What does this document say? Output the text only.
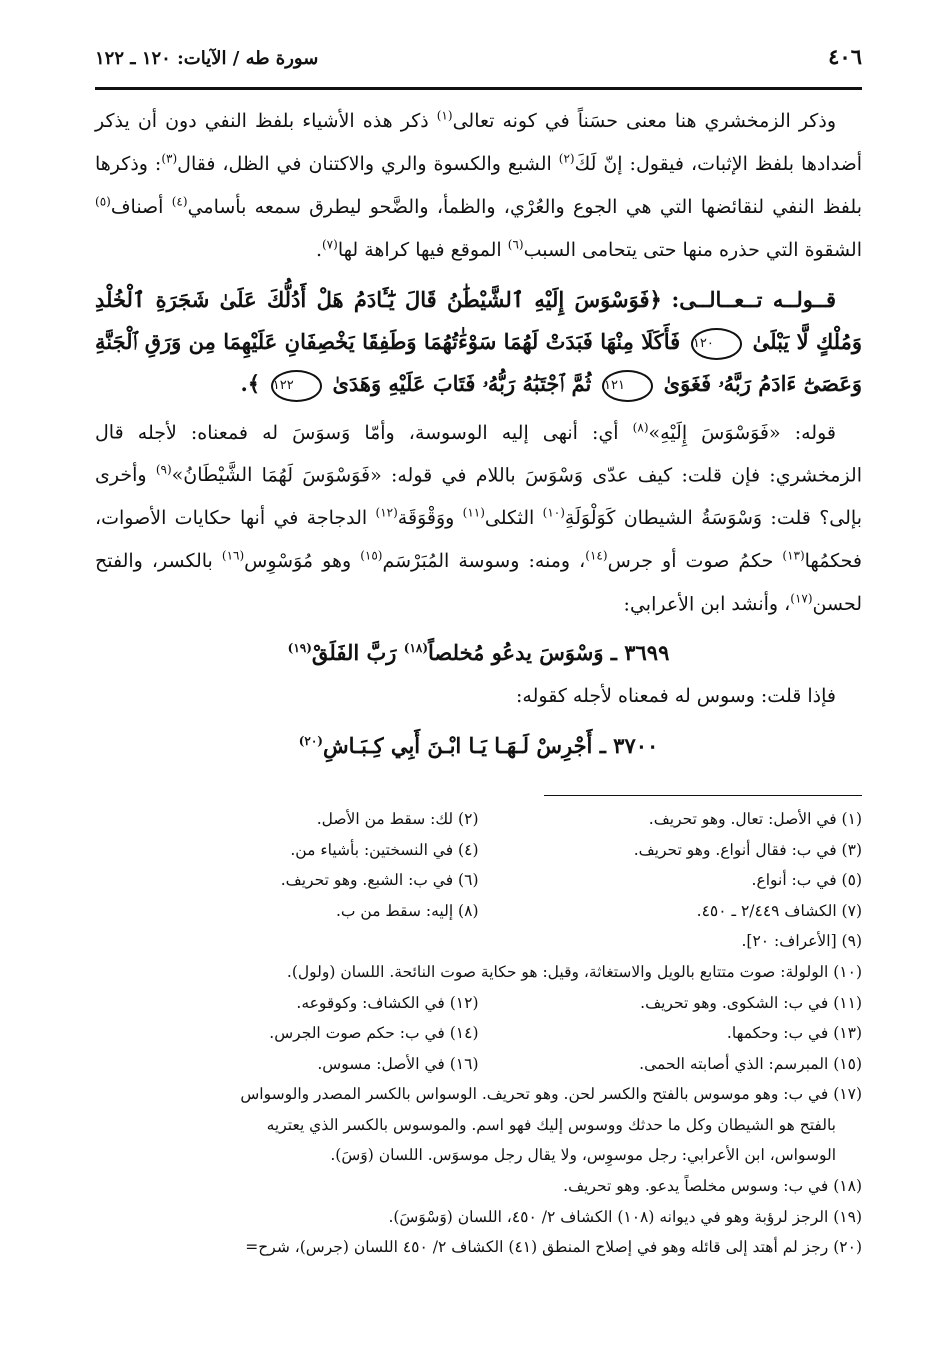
٤٠٦
سورة طه / الآيات: ١٢٠ ـ ١٢٢

وذكر الزمخشري هنا معنى حسَناً في كونه تعالى$^{(١)}$ ذكر هذه الأشياء بلفظ النفي دون أن يذكر أضدادها بلفظ الإثبات، فيقول: إنّ لَكَ$^{(٢)}$ الشبع والكسوة والري والاكتنان في الظل، فقال$^{(٣)}$: وذكرها بلفظ النفي لنقائضها التي هي الجوع والعُرْي، والظمأ، والضَّحو ليطرق سمعه بأسامي$^{(٤)}$ أصناف$^{(٥)}$ الشقوة التي حذره منها حتى يتحامى السبب$^{(٦)}$ الموقع فيها كراهة لها$^{(٧)}$.

قــولــه تــعــالــى: ﴿فَوَسْوَسَ إِلَيْهِ ٱلشَّيْطَٰنُ قَالَ يَٰٓـَٔادَمُ هَلْ أَدُلُّكَ عَلَىٰ شَجَرَةِ ٱلْخُلْدِ وَمُلْكٍ لَّا يَبْلَىٰ ١٢٠ فَأَكَلَا مِنْهَا فَبَدَتْ لَهُمَا سَوْءَٰتُهُمَا وَطَفِقَا يَخْصِفَانِ عَلَيْهِمَا مِن وَرَقِ ٱلْجَنَّةِ وَعَصَىٰٓ ءَادَمُ رَبَّهُۥ فَغَوَىٰ ١٢١ ثُمَّ ٱجْتَبَٰهُ رَبُّهُۥ فَتَابَ عَلَيْهِ وَهَدَىٰ ١٢٢ ﴾.

قوله: «فَوَسْوَسَ إِلَيْهِ»$^{(٨)}$ أي: أنهى إليه الوسوسة، وأمّا وَسوَسَ له فمعناه: لأجله قال الزمخشري: فإن قلت: كيف عدّى وَسْوَسَ باللام في قوله: «فَوَسْوَسَ لَهُمَا الشَّيْطَانُ»$^{(٩)}$ وأخرى بإلى؟ قلت: وَسْوَسَةُ الشيطان كَوَلْوَلَةِ$^{(١٠)}$ الثكلى$^{(١١)}$ ووَقْوَقَة$^{(١٢)}$ الدجاجة في أنها حكايات الأصوات، فحكمُها$^{(١٣)}$ حكمُ صوت أو جرس$^{(١٤)}$، ومنه: وسوسة المُبَرْسَم$^{(١٥)}$ وهو مُوَسْوِس$^{(١٦)}$ بالكسر، والفتح لحسن$^{(١٧)}$، وأنشد ابن الأعرابي:

٣٦٩٩ ـ وَسْوَسَ يدعُو مُخلصاً$^{(١٨)}$ رَبَّ الفَلَقْ$^{(١٩)}$

فإذا قلت: وسوس له فمعناه لأجله كقوله:

٣٧٠٠ ـ أَجْرِسْ لَـهَـا يَـا ابْـنَ أَبِي كِـبَـاشِ$^{(٢٠)}$
(١) في الأصل: تعال. وهو تحريف.
(٢) لك: سقط من الأصل.
(٣) في ب: فقال أنواع. وهو تحريف.
(٤) في النسختين: بأشياء من.
(٥) في ب: أنواع.
(٦) في ب: الشبع. وهو تحريف.
(٧) الكشاف ٢/٤٤٩ ـ ٤٥٠.
(٨) إليه: سقط من ب.
(٩) [الأعراف: ٢٠].
(١٠) الولولة: صوت متتابع بالويل والاستغاثة، وقيل: هو حكاية صوت النائحة. اللسان (ولول).
(١١) في ب: الشكوى. وهو تحريف.
(١٢) في الكشاف: وكوقوعه.
(١٣) في ب: وحكمها.
(١٤) في ب: حكم صوت الجرس.
(١٥) المبرسم: الذي أصابته الحمى.
(١٦) في الأصل: مسوس.
(١٧) في ب: وهو موسوس بالفتح والكسر لحن. وهو تحريف. الوسواس بالكسر المصدر والوسواس
بالفتح هو الشيطان وكل ما حدثك ووسوس إليك فهو اسم. والموسوس بالكسر الذي يعتريه
الوسواس، ابن الأعرابي: رجل موسوِس، ولا يقال رجل موسوَس. اللسان (وَسَ).
(١٨) في ب: وسوس مخلصاً يدعو. وهو تحريف.
(١٩) الرجز لرؤبة وهو في ديوانه (١٠٨) الكشاف ٢/ ٤٥٠، اللسان (وَسْوَسَ).
(٢٠) رجز لم أهتد إلى قائله وهو في إصلاح المنطق (٤١) الكشاف ٢/ ٤٥٠ اللسان (جرس)، شرح=
